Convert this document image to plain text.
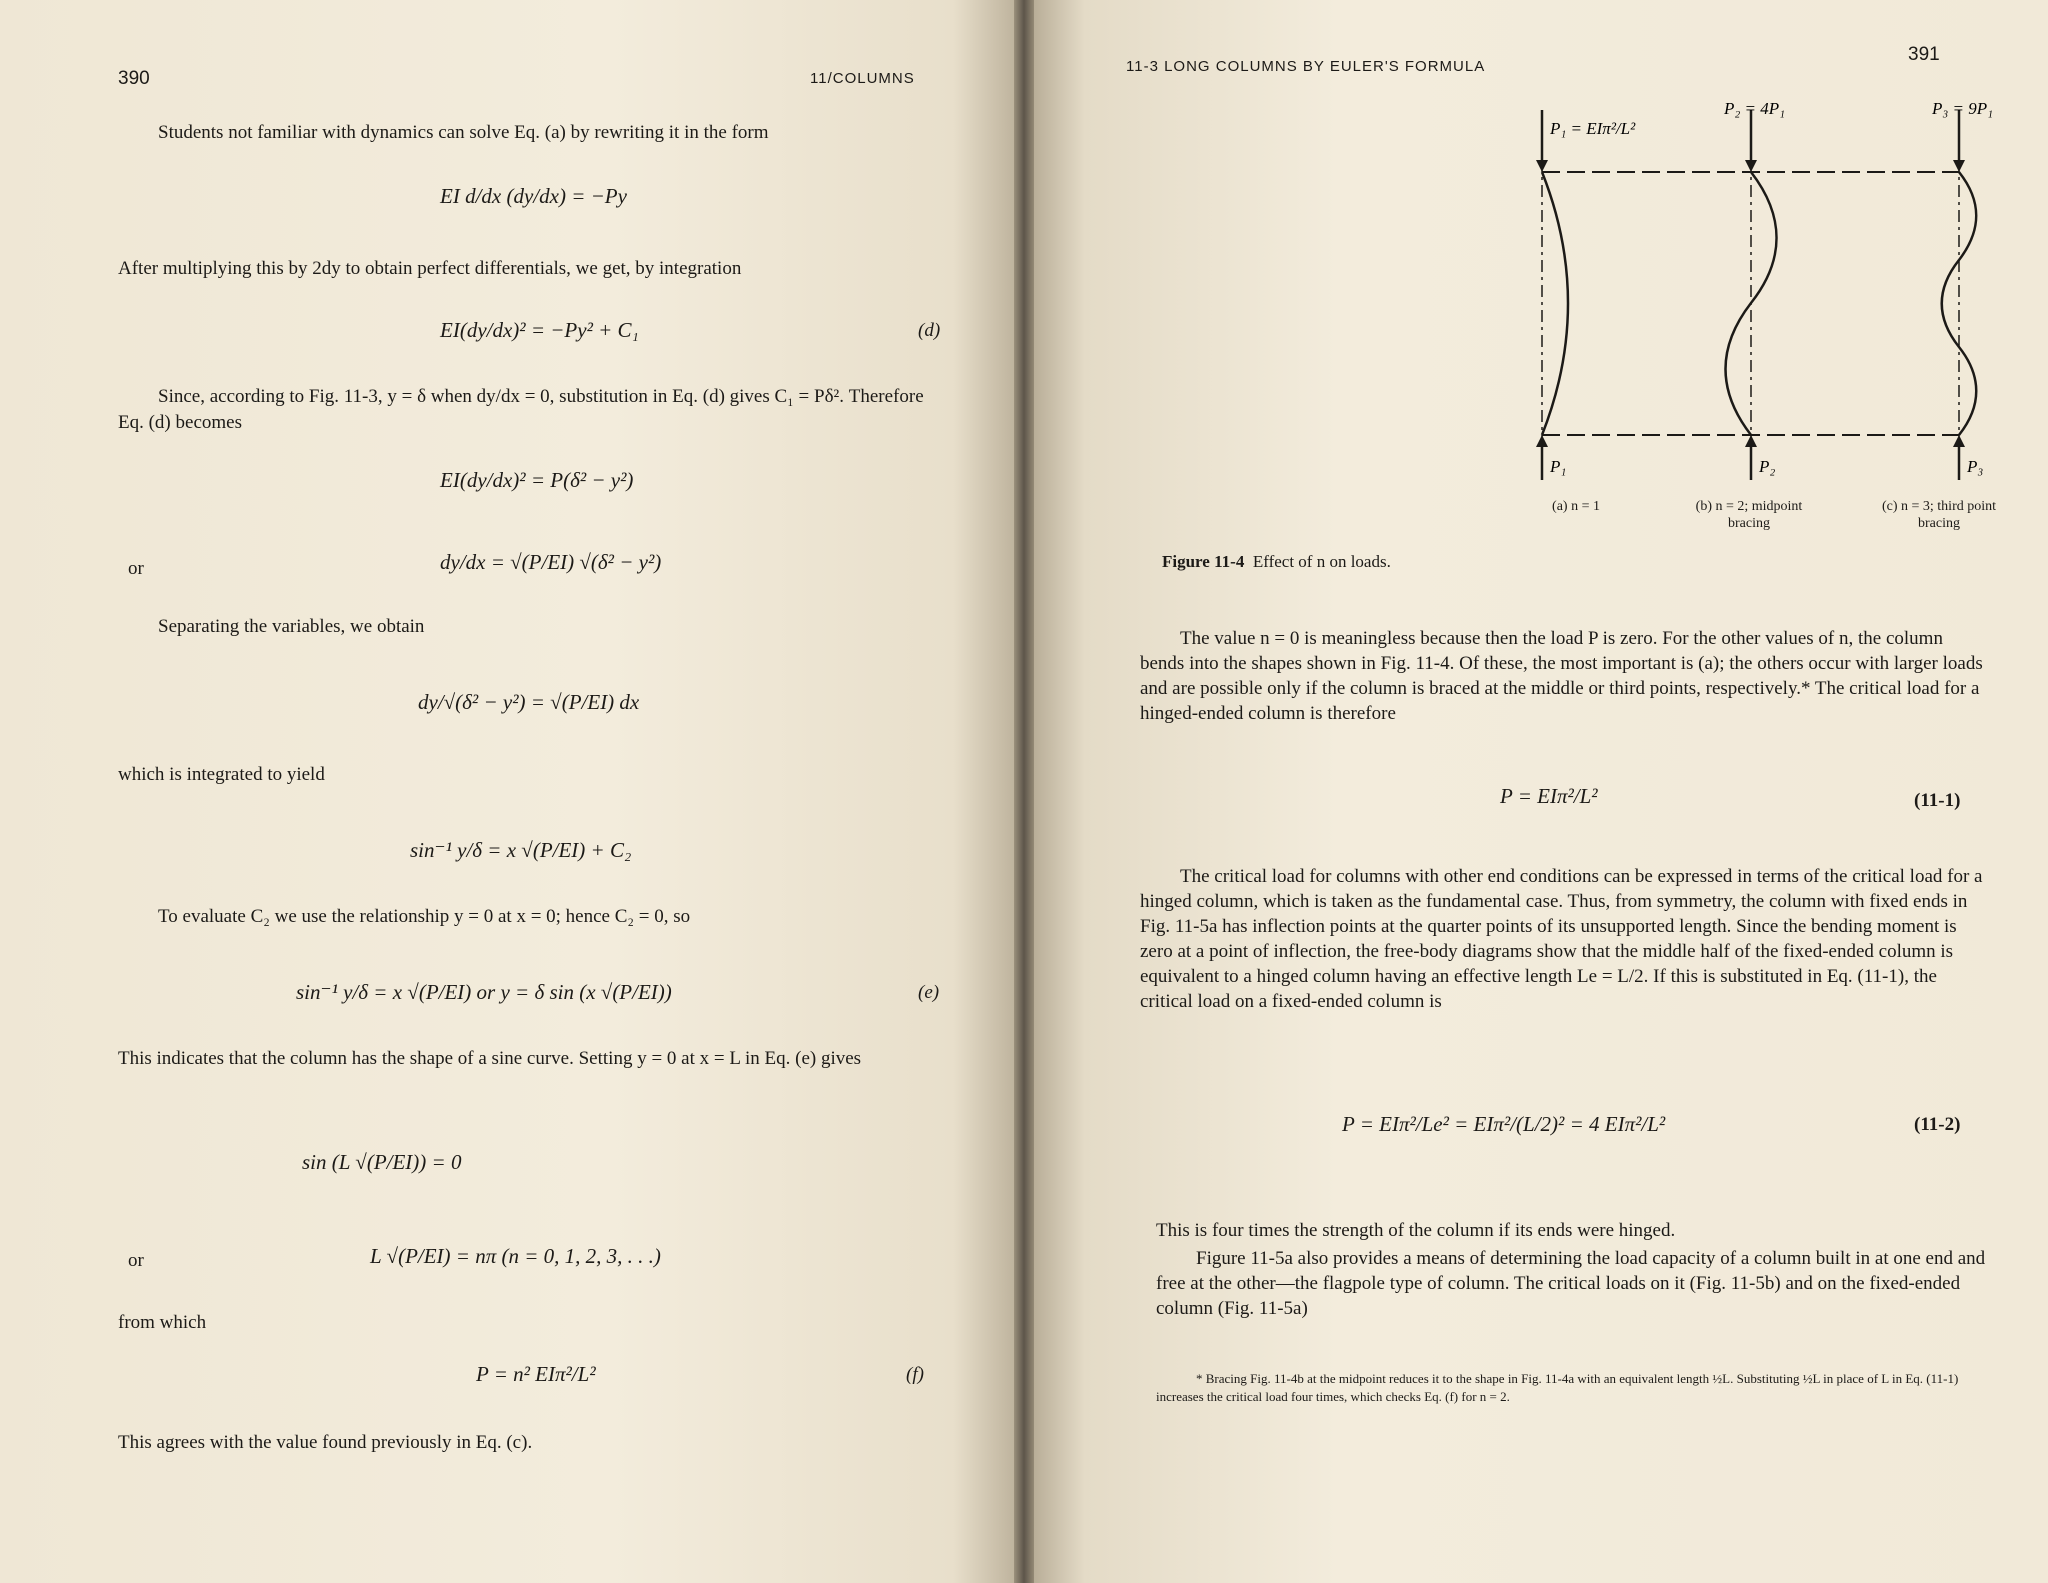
390	11/COLUMNS
Students not familiar with dynamics can solve Eq. (a) by rewriting it in the form
EI d/dx (dy/dx) = −Py
After multiplying this by 2dy to obtain perfect differentials, we get, by integration
EI(dy/dx)² = −Py² + C₁	(d)
Since, according to Fig. 11-3, y = δ when dy/dx = 0, substitution in Eq. (d) gives C₁ = Pδ². Therefore Eq. (d) becomes
EI(dy/dx)² = P(δ² − y²)
or	dy/dx = √(P/EI) √(δ² − y²)
Separating the variables, we obtain
dy/√(δ² − y²) = √(P/EI) dx
which is integrated to yield
sin⁻¹ y/δ = x √(P/EI) + C₂
To evaluate C₂ we use the relationship y = 0 at x = 0; hence C₂ = 0, so
sin⁻¹ y/δ = x √(P/EI) or y = δ sin (x √(P/EI))	(e)
This indicates that the column has the shape of a sine curve. Setting y = 0 at x = L in Eq. (e) gives
sin (L √(P/EI)) = 0
or	L √(P/EI) = nπ (n = 0, 1, 2, 3, . . .)
from which
P = n² EIπ²/L²	(f)
This agrees with the value found previously in Eq. (c).
11-3 LONG COLUMNS BY EULER'S FORMULA
391
P₁ = EIπ²/L²
P₂ = 4P₁	P₃ = 9P₁
P₁	P₂	P₃
(a) n = 1	(b) n = 2; midpoint bracing
(c) n = 3; third point bracing
Figure 11-4 Effect of n on loads.
The value n = 0 is meaningless because then the load P is zero. For the other values of n, the column bends into the shapes shown in Fig. 11-4. Of these, the most important is (a); the others occur with larger loads and are possible only if the column is braced at the middle or third points, respectively.* The critical load for a hinged-ended column is therefore
P = EIπ²/L²	(11-1)
The critical load for columns with other end conditions can be expressed in terms of the critical load for a hinged column, which is taken as the fundamental case. Thus, from symmetry, the column with fixed ends in Fig. 11-5a has inflection points at the quarter points of its unsupported length. Since the bending moment is zero at a point of inflection, the free-body diagrams show that the middle half of the fixed-ended column is equivalent to a hinged column having an effective length Le = L/2. If this is substituted in Eq. (11-1), the critical load on a fixed-ended column is
P = EIπ²/Le² = EIπ²/(L/2)² = 4 EIπ²/L²	(11-2)
This is four times the strength of the column if its ends were hinged.
Figure 11-5a also provides a means of determining the load capacity of a column built in at one end and free at the other—the flagpole type of column. The critical loads on it (Fig. 11-5b) and on the fixed-ended column (Fig. 11-5a)
* Bracing Fig. 11-4b at the midpoint reduces it to the shape in Fig. 11-4a with an equivalent length ½L. Substituting ½L in place of L in Eq. (11-1) increases the critical load four times, which checks Eq. (f) for n = 2.
